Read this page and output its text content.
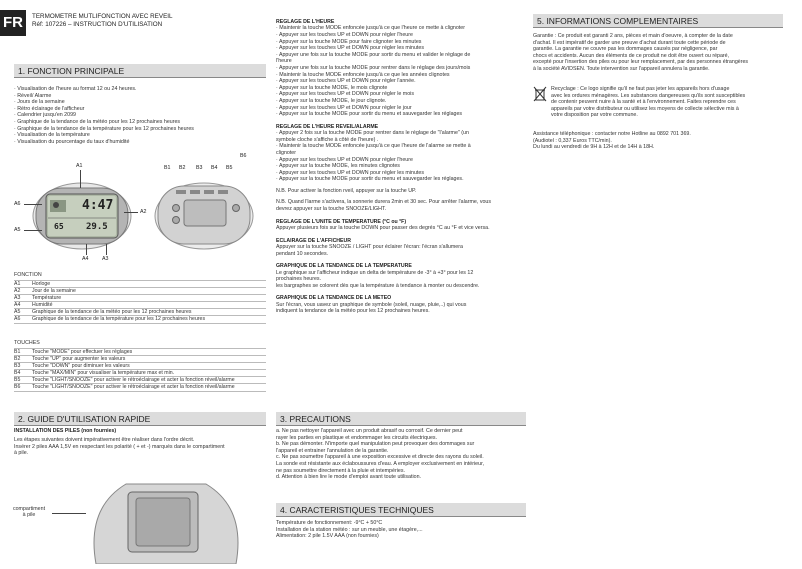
FR	TERMOMETRE MUTLIFONCTION AVEC REVEIL
Réf: 107226 – INSTRUCTION D'UTILISATION
1. FONCTION PRINCIPALE
· Visualisation de l'heure au format 12 ou 24 heures.
· Réveil/ Alarme
· Jours de la semaine
· Rétro éclairage de l'afficheur
· Calendrier jusqu'en 2099
· Graphique de la tendance de la météo pour les 12 prochaines heures
· Graphique de la tendance de la température pour les 12 prochaines heures
· Visualisation de la température
· Visualisation du pourcentage du taux d'humidité
4:47
29.5
65
A1
A2
A6
A5
A4	A3
B1 B2 B3 B4 B5
B6
FONCTION
A1	Horloge
A2	Jour de la semaine
A3	Température
A4	Humidité
A5	Graphique de la tendance de la météo pour les 12 prochaines heures
A6	Graphique de la tendance de la température pour les 12 prochaines heures
TOUCHES
B1	Touche "MODE" pour effectuer les réglages
B2	Touche "UP" pour augmenter les valeurs
B3	Touche "DOWN" pour diminuer les valeurs
B4	Touche "MAX/MIN" pour visualiser la température max et min.
B5	Touche "LIGHT/SNOOZE" pour activer le rétroéclairage et acter la fonction réveil/alarme
B6	Touche "LIGHT/SNOOZE" pour activer le rétroéclairage et acter la fonction réveil/alarme
2. GUIDE D'UTILISATION RAPIDE
INSTALLATION DES PILES (non fournies)
Les étapes suivantes doivent impérativement être réaliser dans l'ordre décrit.
Insérer 2 piles AAA 1,5V en respectant les polarité ( + et -) marqués dans le compartiment
à pile.
compartiment
à pile
REGLAGE DE L'HEURE
· Maintenir la touche MODE enfoncée jusqu'à ce que l'heure ce mette à clignoter
· Appuyer sur les touches UP et DOWN pour régler l'heure
· Appuyer sur la touche MODE pour faire clignoter les minutes
· Appuyer sur les touches UP et DOWN pour régler les minutes
· Appuyer une fois sur la touche MODE pour sortir du menu et valider le réglage de
l'heure
· Appuyer une fois sur la touche MODE pour rentrer dans le réglage des jours/mois
· Maintenir la touche MODE enfoncée jusqu'à ce que les années clignotes
· Appuyer sur les touches UP et DOWN pour régler l'année.
· Appuyer sur la touche MODE, le mois clignote
· Appuyer sur les touches UP et DOWN pour régler le mois
· Appuyer sur la touche MODE, le jour clignote.
· Appuyer sur les touches UP et DOWN pour régler le jour
· Appuyer sur la touche MODE pour sortir du menu et sauvegarder les réglages
REGLAGE DE L'HEURE REVEIL/ALARME
· Appuyer 2 fois sur la touche MODE pour rentrer dans le réglage de "l'alarme" (un
symbole cloche s'affiche à côté de l'heure) .
· Maintenir la touche MODE enfoncée jusqu'à ce que l'heure de l'alarme se mette à
clignoter
· Appuyer sur les touches UP et DOWN pour régler l'heure
· Appuyer sur la touche MODE, les minutes clignotes
· Appuyer sur les touches UP et DOWN pour régler les minutes
· Appuyer sur la touche MODE pour sortir du menu et sauvegarder les réglages.
N.B. Pour activer la fonction rveil, appuyer sur la touche UP.
N.B. Quand l'larme s'activera, la sonnerie durera 2min et 30 sec. Pour arrêter l'alarme, vous
devrez appuyer sur la touche SNOOZE/LIGHT.
REGLAGE DE L'UNITE DE TEMPERATURE (°C ou °F)
Appuyer plusieurs fois sur la touche DOWN pour passer des degrés °C au °F et vice versa.
ECLAIRAGE DE L'AFFICHEUR
Appuyer sur la touche SNOOZE / LIGHT pour éclairer l'écran: l'écran s'allumera
pendant 10 secondes.
GRAPHIQUE DE LA TENDANCE DE LA TEMPERATURE
Le graphique sur l'afficheur indique un delta de température de -3° à +3° pour les 12
prochaines heures.
les bargraphes se colorent dès que la température à tendance à monter ou descendre.
GRAPHIQUE DE LA TENDANCE DE LA METEO
Sur l'écran, vous uavez un graphique de symbole (soleil, nuage, pluie,..) qui vous
indiquent la tendance de la météo pour les 12 prochaines heures.
3. PRECAUTIONS
a. Ne pas nettoyer l'appareil avec un produit abrasif ou corrosif. Ce dernier peut
rayer les parties en plastique et endommager les circuits électriques.
b. Ne pas démonter. N'importe quel manipulation peut provoquer des dommages sur
l'appareil et entrainer l'annulation de la garantie.
c. Ne pas soumettre l'appareil à une exposition excessive et directe des rayons du soleil.
La sonde est résistante aux éclaboussures d'eau. A employer exclusivement en intérieur,
ne pas soumettre directement à la pluie et intempéries.
d. Attention à bien lire le mode d'emploi avant toute utilisation.
4. CARACTERISTIQUES TECHNIQUES
Température de fonctionnement: -9°C + 50°C
Installation de la station météo : sur un meuble, une étagère,...
Alimentation: 2 pile 1.5V AAA (non fournies)
5. INFORMATIONS COMPLEMENTAIRES
Garantie : Ce produit est garanti 2 ans, pièces et main d'oeuvre, à compter de la date
d'achat. Il est impératif de garder une preuve d'achat durant toute cette période de
garantie. La garantie ne couvre pas les dommages causés par négligence, par
chocs et accidents. Aucun des éléments de ce produit ne doit être ouvert ou réparé,
excepté pour l'insertion des piles ou pour leur remplacement, par des personnes étrangères
à la société AVIDSEN. Toute intervention sur l'appareil annulera la garantie.
Recyclage : Ce logo signifie qu'il ne faut pas jeter les appareils hors d'usage
avec les ordures ménagères. Les substances dangereuses qu'ils sont susceptibles
de contenir peuvent nuire à la santé et à l'environnement. Faites reprendre ces
appareils par votre distributeur ou utilisez les moyens de collecte sélective mis à
votre disposition par votre commune.
Assistance téléphonique : contacter notre Hotline au 0892 701 369.
(Audiotel : 0,337 Euros TTC/min).
Du lundi au vendredi de 9H à 12H et de 14H à 18H.
